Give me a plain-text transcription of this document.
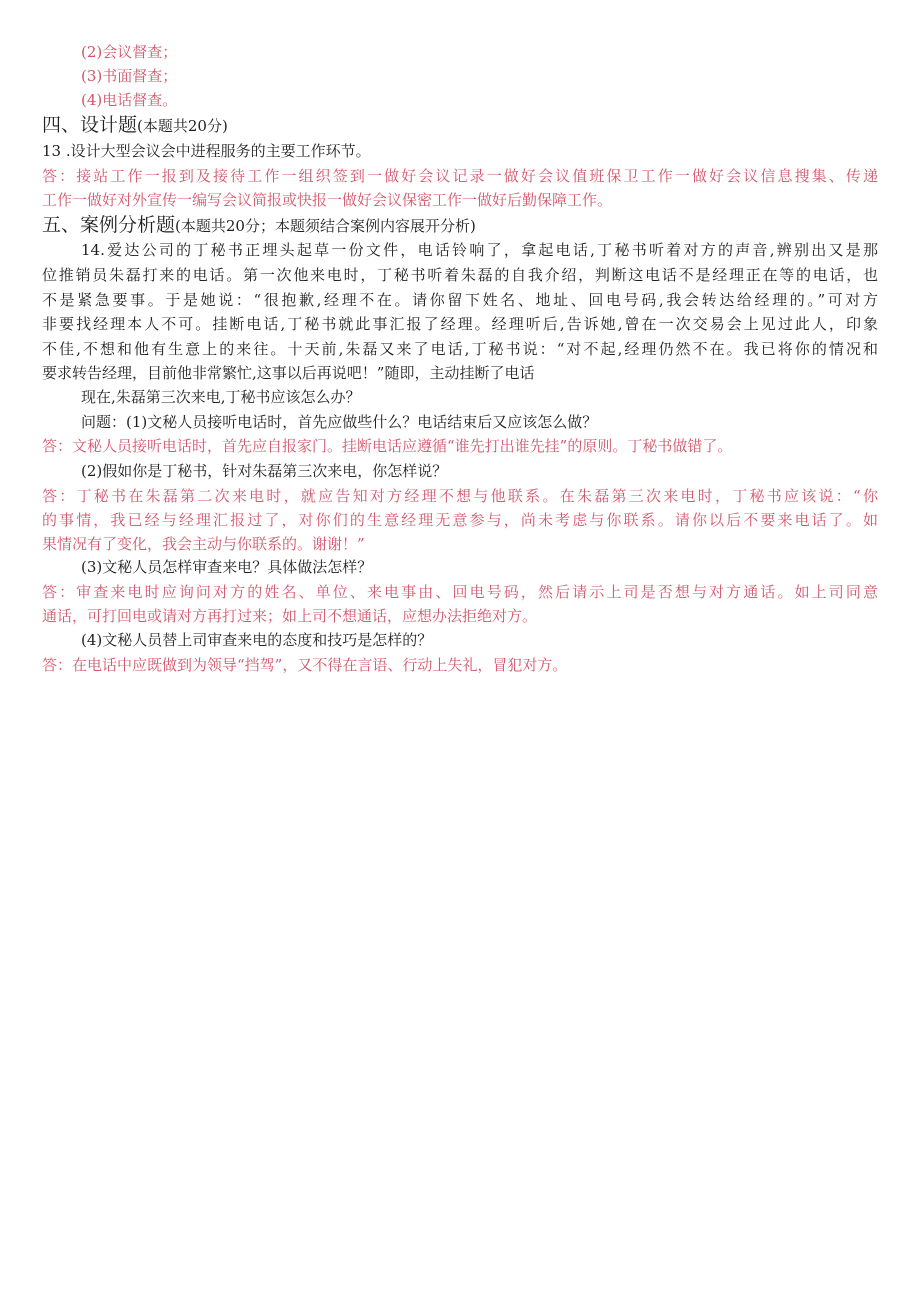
(2)会议督查；
(3)书面督查；
(4)电话督查。
四、设计题(本题共20分)
13 .设计大型会议会中进程服务的主要工作环节。
答：接站工作一报到及接待工作一组织签到一做好会议记录一做好会议值班保卫工作一做好会议信息搜集、传递
工作一做好对外宣传一编写会议简报或快报一做好会议保密工作一做好后勤保障工作。
五、案例分析题(本题共20分；本题须结合案例内容展开分析)
14.爱达公司的丁秘书正埋头起草一份文件，电话铃响了，拿起电话,丁秘书听着对方的声音,辨别出又是那
位推销员朱磊打来的电话。第一次他来电时，丁秘书听着朱磊的自我介绍，判断这电话不是经理正在等的电话，也
不是紧急要事。于是她说：“很抱歉,经理不在。请你留下姓名、地址、回电号码,我会转达给经理的。”可对方
非要找经理本人不可。挂断电话,丁秘书就此事汇报了经理。经理听后,告诉她,曾在一次交易会上见过此人，印象
不佳,不想和他有生意上的来往。十天前,朱磊又来了电话,丁秘书说：“对不起,经理仍然不在。我已将你的情况和
要求转告经理，目前他非常繁忙,这事以后再说吧！”随即，主动挂断了电话
现在,朱磊第三次来电,丁秘书应该怎么办？
问题：(1)文秘人员接听电话时，首先应做些什么？电话结束后又应该怎么做？
答：文秘人员接听电话时，首先应自报家门。挂断电话应遵循“谁先打出谁先挂”的原则。丁秘书做错了。
(2)假如你是丁秘书，针对朱磊第三次来电，你怎样说？
答：丁秘书在朱磊第二次来电时，就应告知对方经理不想与他联系。在朱磊第三次来电时，丁秘书应该说：“你
的事情，我已经与经理汇报过了，对你们的生意经理无意参与，尚未考虑与你联系。请你以后不要来电话了。如
果情况有了变化，我会主动与你联系的。谢谢！”
(3)文秘人员怎样审查来电？具体做法怎样？
答：审查来电时应询问对方的姓名、单位、来电事由、回电号码，然后请示上司是否想与对方通话。如上司同意
通话，可打回电或请对方再打过来；如上司不想通话，应想办法拒绝对方。
(4)文秘人员替上司审查来电的态度和技巧是怎样的？
答：在电话中应既做到为领导“挡驾”，又不得在言语、行动上失礼，冒犯对方。
